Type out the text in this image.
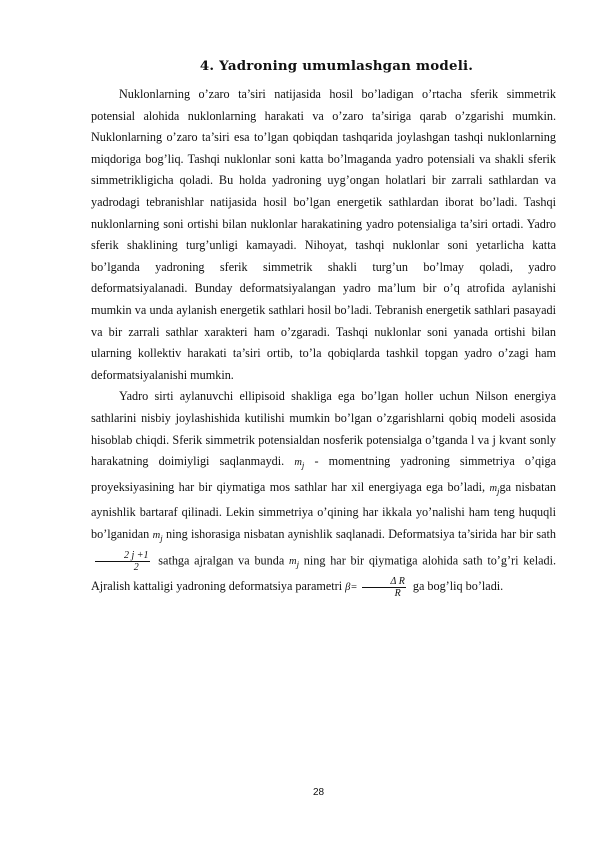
4. Yadroning umumlashgan modeli.

Nuklonlarning o’zaro ta’siri natijasida hosil bo’ladigan o’rtacha sferik simmetrik potensial alohida nuklonlarning harakati va o’zaro ta’siriga qarab o’zgarishi mumkin. Nuklonlarning o’zaro ta’siri esa to’lgan qobiqdan tashqarida joylashgan tashqi nuklonlarning miqdoriga bog’liq. Tashqi nuklonlar soni katta bo’lmaganda yadro potensiali va shakli sferik simmetrikligicha qoladi. Bu holda yadroning uyg’ongan holatlari bir zarrali sathlardan va yadrodagi tebranishlar natijasida hosil bo’lgan energetik sathlardan iborat bo’ladi. Tashqi nuklonlarning soni ortishi bilan nuklonlar harakatining yadro potensialiga ta’siri ortadi. Yadro sferik shaklining turg’unligi kamayadi. Nihoyat, tashqi nuklonlar soni yetarlicha katta bo’lganda yadroning sferik simmetrik shakli turg’un bo’lmay qoladi, yadro deformatsiyalanadi. Bunday deformatsiyalangan yadro ma’lum bir o’q atrofida aylanishi mumkin va unda aylanish energetik sathlari hosil bo’ladi. Tebranish energetik sathlari pasayadi va bir zarrali sathlar xarakteri ham o’zgaradi. Tashqi nuklonlar soni yanada ortishi bilan ularning kollektiv harakati ta’siri ortib, to’la qobiqlarda tashkil topgan yadro o’zagi ham deformatsiyalanishi mumkin.

Yadro sirti aylanuvchi ellipisoid shakliga ega bo’lgan holler uchun Nilson energiya sathlarini nisbiy joylashishida kutilishi mumkin bo’lgan o’zgarishlarni qobiq modeli asosida hisoblab chiqdi. Sferik simmetrik potensialdan nosferik potensialga o’tganda l va j kvant sonly harakatning doimiyligi saqlanmaydi. $m_j$ - momentning yadroning simmetriya o’qiga proyeksiyasining har bir qiymatiga mos sathlar har xil energiyaga ega bo’ladi, $m_jga$ nisbatan aynishlik bartaraf qilinadi. Lekin simmetriya o’qining har ikkala yo’nalishi ham teng huquqli bo’lganidan $m_j$ ning ishorasiga nisbatan aynishlik saqlanadi. Deformatsiya ta’sirida har bir sath
$\frac{2 j +1}{2}$ sathga ajralgan va bunda $m_j$ ning har bir qiymatiga alohida sath to’g’ri keladi. Ajralish kattaligi yadroning deformatsiya parametri $\beta= \frac{\text{Δ R}}{R}$ ga bog’liq bo’ladi.

28
